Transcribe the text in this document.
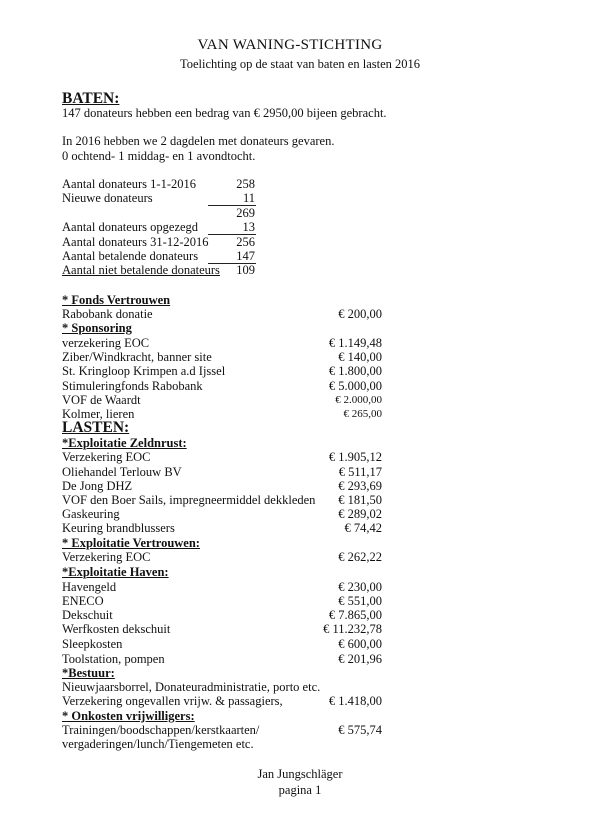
VAN WANING-STICHTING
Toelichting op de staat van baten en lasten 2016
BATEN:
147 donateurs hebben een bedrag van € 2950,00 bijeen gebracht.
In 2016 hebben we 2 dagdelen met donateurs gevaren.
0 ochtend- 1 middag- en 1 avondtocht.
Aantal donateurs 1-1-2016	258
Nieuwe donateurs	11
269
Aantal donateurs opgezegd	13
Aantal donateurs 31-12-2016	256
Aantal betalende donateurs	147
Aantal niet betalende donateurs	109
* Fonds Vertrouwen
Rabobank donatie	€ 200,00
* Sponsoring
verzekering EOC	€ 1.149,48
Ziber/Windkracht, banner site	€ 140,00
St. Kringloop Krimpen a.d Ijssel	€ 1.800,00
Stimuleringfonds Rabobank	€ 5.000,00
VOF de Waardt	€ 2.000,00
Kolmer, lieren	€ 265,00
LASTEN:
*Exploitatie Zeldnrust:
Verzekering EOC	€ 1.905,12
Oliehandel Terlouw BV	€ 511,17
De Jong DHZ	€ 293,69
VOF den Boer Sails, impregneermiddel dekkleden	€ 181,50
Gaskeuring	€ 289,02
Keuring brandblussers	€ 74,42
* Exploitatie Vertrouwen:
Verzekering EOC	€ 262,22
*Exploitatie Haven:
Havengeld	€ 230,00
ENECO	€ 551,00
Dekschuit	€ 7.865,00
Werfkosten dekschuit	€ 11.232,78
Sleepkosten	€ 600,00
Toolstation, pompen	€ 201,96
*Bestuur:
Nieuwjaarsborrel, Donateuradministratie, porto etc.
Verzekering ongevallen vrijw. & passagiers,	€ 1.418,00
* Onkosten vrijwilligers:
Trainingen/boodschappen/kerstkaarten/	€ 575,74
vergaderingen/lunch/Tiengemeten etc.
Jan Jungschläger
pagina 1
